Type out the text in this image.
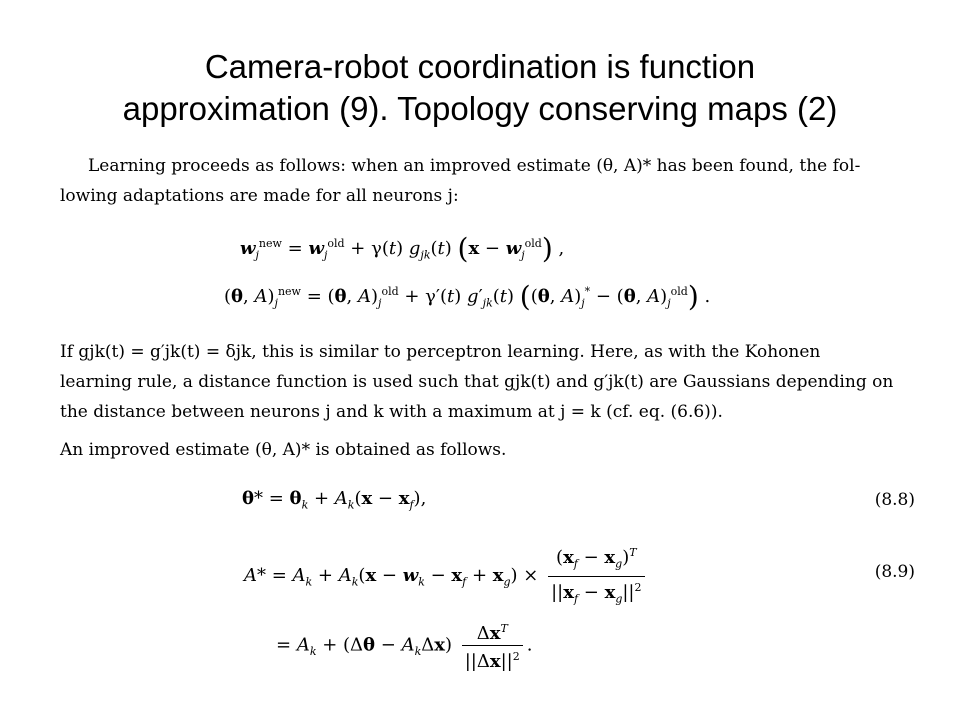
Camera-robot coordination is function
approximation (9). Topology conserving maps (2)
Learning proceeds as follows: when an improved estimate (θ, A)* has been found, the fol-
lowing adaptations are made for all neurons j:
$w_j^{new} = w_j^{old} + \gamma(t)$ $g_{jk}(t) (x - w_j^{old})$ ,
(θ, $A)_j^{new} = (\theta$, $A)_j^{old} + \gamma'(t)$ $g'_{jk}(t)$ ((θ, $A)_j^* - (\theta$, $A)_j^{old}$) .
If gjk(t) = g′jk(t) = δjk, this is similar to perceptron learning. Here, as with the Kohonen
learning rule, a distance function is used such that gjk(t) and g′jk(t) are Gaussians depending on
the distance between neurons j and k with a maximum at j = k (cf. eq. (6.6)).
An improved estimate (θ, A)* is obtained as follows.
$\theta* = \theta_k + A_k(x - x_f)$,	(8.8)
$A* = A_k + A_k(x - w_k - x_f + x_g) \times \frac{(x_f - x_g)^T}{||x_f - x_g||^2}$	(8.9)
= $A_k + (\Delta\theta - A_k\Delta x) \frac{\Delta x^T}{||\Delta x||^2}$ .
